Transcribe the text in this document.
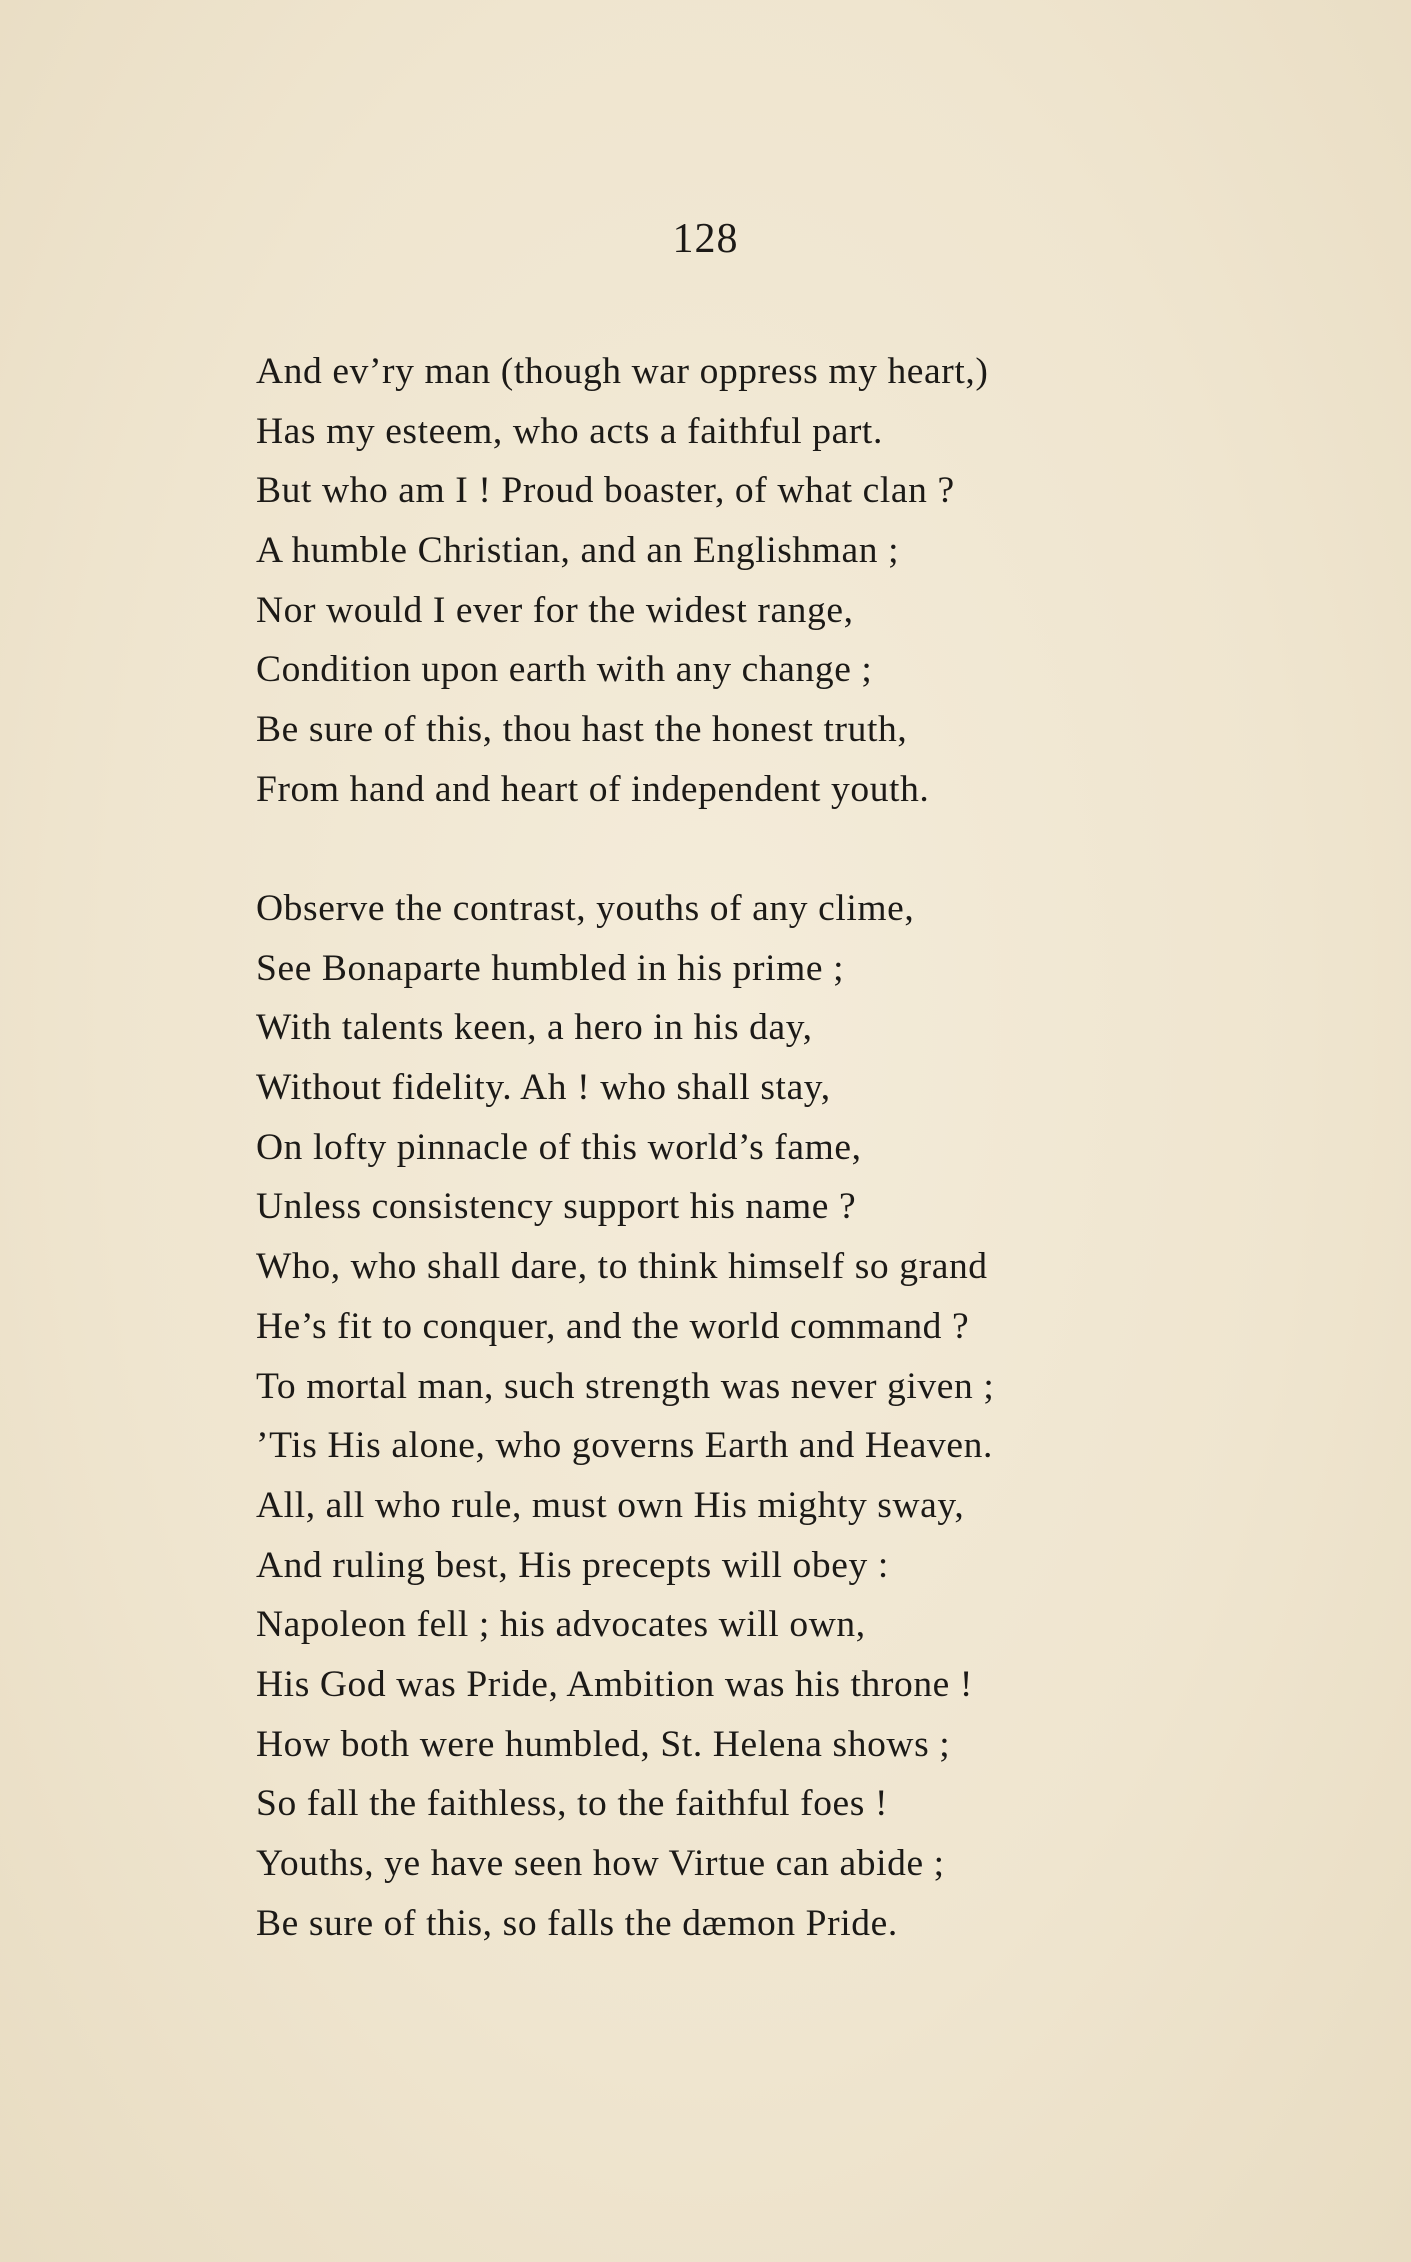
128
And ev’ry man (though war oppress my heart,)
Has my esteem, who acts a faithful part.
But who am I ! Proud boaster, of what clan ?
A humble Christian, and an Englishman ;
Nor would I ever for the widest range,
Condition upon earth with any change ;
Be sure of this, thou hast the honest truth,
From hand and heart of independent youth.
Observe the contrast, youths of any clime,
See Bonaparte humbled in his prime ;
With talents keen, a hero in his day,
Without fidelity. Ah ! who shall stay,
On lofty pinnacle of this world’s fame,
Unless consistency support his name ?
Who, who shall dare, to think himself so grand
He’s fit to conquer, and the world command ?
To mortal man, such strength was never given ;
’Tis His alone, who governs Earth and Heaven.
All, all who rule, must own His mighty sway,
And ruling best, His precepts will obey :
Napoleon fell ; his advocates will own,
His God was Pride, Ambition was his throne !
How both were humbled, St. Helena shows ;
So fall the faithless, to the faithful foes !
Youths, ye have seen how Virtue can abide ;
Be sure of this, so falls the dæmon Pride.
